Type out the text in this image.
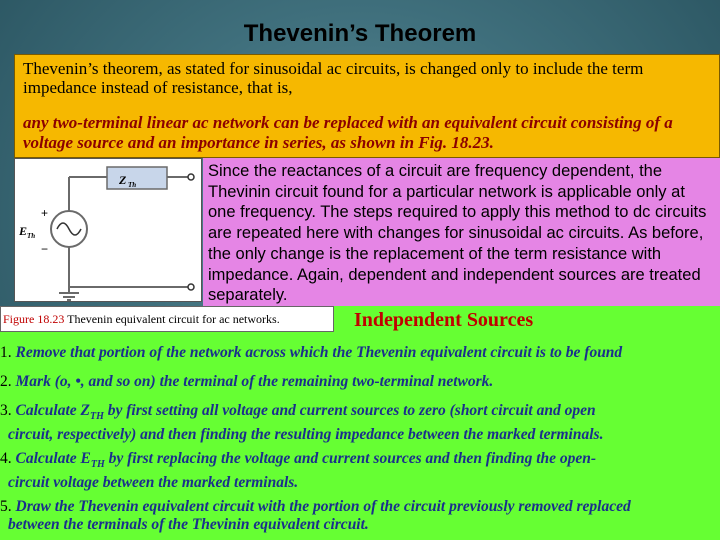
Thevenin’s Theorem
Thevenin’s theorem, as stated for sinusoidal ac circuits, is changed only to include the term impedance instead of resistance, that is,
any two-terminal linear ac network can be replaced with an equivalent circuit consisting of a voltage source and an importance in series, as shown in Fig. 18.23.
Z Th
+
−
E Th
Since the reactances of a circuit are frequency dependent, the Thevinin circuit found for a particular network is applicable only at one frequency. The steps required to apply this method to dc circuits are repeated here with changes for sinusoidal ac circuits. As before, the only change is the replacement of the term resistance with impedance. Again, dependent and independent sources are treated separately.
Figure 18.23 Thevenin equivalent circuit for ac networks.	Independent Sources
1. Remove that portion of the network across which the Thevenin equivalent circuit is to be found
2. Mark (o, •, and so on) the terminal of the remaining two-terminal network.
3. Calculate $Z_{TH}$ by first setting all voltage and current sources to zero (short circuit and open
circuit, respectively) and then finding the resulting impedance between the marked terminals.
4. Calculate $E_{TH}$ by first replacing the voltage and current sources and then finding the open-
circuit voltage between the marked terminals.
5. Draw the Thevenin equivalent circuit with the portion of the circuit previously removed replaced
between the terminals of the Thevinin equivalent circuit.
